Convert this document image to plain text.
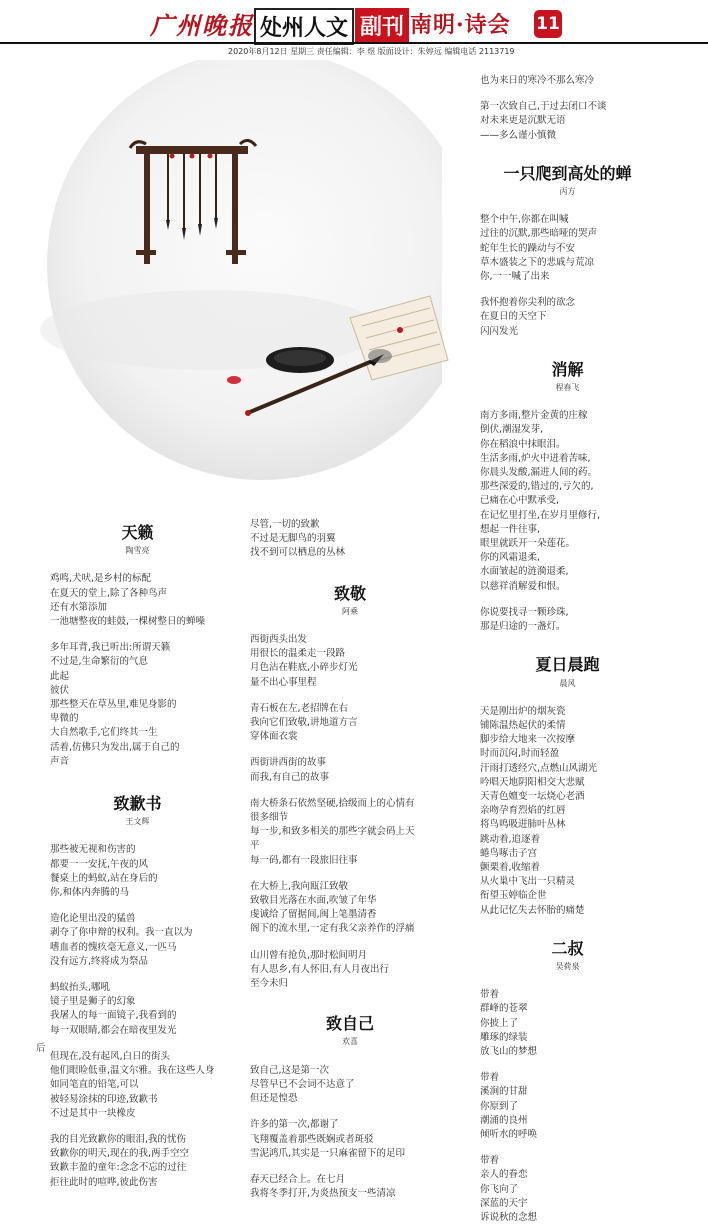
广州晚报 处州人文 副刊 南明·诗会 11
2020年8月12日 星期三 责任编辑：李 煜 版面设计：朱婷远 编辑电话 2113719
天籁
陶雪亮

鸡鸣,犬吠,是乡村的标配

在夏天的堂上,除了各种鸟声

还有水第添加

一池塘整夜的蛙鼓,一棵树整日的蝉噪

多年耳背,我已听出:所谓天籁

不过是,生命繁衍的气息

此起

彼伏

那些整天在草丛里,难见身影的

卑微的

大自然歌手,它们终其一生

活着,仿佛只为发出,属于自己的

声音

致歉书
王文辉

那些被无视和伤害的

都要一一安抚,午夜的风

餐桌上的蚂蚁,站在身后的

你,和体内奔腾的马

造化论里出没的猛兽

剥夺了你申辩的权利。我一直以为

嗜血者的愧疚毫无意义,一匹马

没有远方,终将成为祭品

蚂蚁抬头,哪吼

镜子里是狮子的幻象

我屠人的每一面镜子,我看到的

每一双眼睛,都会在暗夜里发光

但现在,没有起风,白日的街头

他们眼睑低垂,温文尔雅。我在这些人身

如同笔直的铅笔,可以

被轻易涂抹的印迹,致歉书

不过是其中一块橡皮

我的目光致歉你的眼泪,我的忧伤

致歉你的明天,现在的我,两手空空

致歉丰盈的童年:念念不忘的过往

拒往此时的喧哗,彼此伤害

后

尽管,一切的致歉

不过是无脚鸟的羽翼

找不到可以栖息的丛林

致敬
阿乘

西街西头出发

用很长的温柔走一段路

月色沾在鞋底,小碎步灯光

量不出心事里程

青石板在左,老招牌在右

我向它们致敬,讲地道方言

穿体面衣裳

西街讲西街的故事

而我,有自己的故事

南大桥条石依然坚硬,拾级而上的心情有

很多细节

每一步,和致多相关的那些字就会码上天

平

每一码,都有一段旅旧往事

在大桥上,我向瓯江致敬

致敬目光落在水面,吹皱了年华

虔诚给了留据间,闽上笔墨清香

阁下的流水里,一定有我父亲养作的浮痛

山川曾有抢负,那时松间明月

有人思乡,有人怀旧,有人月夜出行

至今未归

致自己
欢喜

致自己,这是第一次

尽管早已不会词不达意了

但还是惶恐

许多的第一次,都谢了

飞翔覆盖着那些既娴或者斑驳

雪泥鸿爪,其实是一只麻雀留下的足印

春天已经合上。在七月

我将冬季打开,为炎热预支一些清凉

也为来日的寒冷不那么寒冷

第一次致自己,于过去闭口不谈

对未来更是沉默无语

——多么谨小慎微

一只爬到高处的蝉
丙方

整个中午,你都在叫喊

过往的沉默,那些暗哑的哭声

蛇年生长的躁动与不安

草木盛装之下的悲戚与荒凉

你,一一喊了出来

我怀抱着你尖利的欲念

在夏日的天空下

闪闪发光

消解
程春飞

南方多雨,整片金黄的庄稼

倒伏,潮湿发芽,

你在稻浪中抹眼泪。

生活多雨,炉火中迸着苦味,

你晨头发酸,漏进人间的药。

那些深爱的,错过的,亏欠的,

已痛在心中默承受,

在记忆里打坐,在岁月里修行,

想起一件往事,

眼里就跃开一朵莲花。

你的风霜退柔,

水面皱起的涟漪退柔,

以慈祥消解爱和恨。

你说要找寻一颗珍珠,

那是归途的一盏灯。

夏日晨跑
晨风

天是刚出炉的烟灰瓷

铺陈温热起伏的柔情

脚步给大地来一次按摩

时而沉闷,时而轻盈

汗雨打透经穴,点燃山风湖光

吟唱天地阴阳相交大悲赋

天青色嬗变一坛烧心老酒

亲吻孕育烈焰的红唇

将鸟鸣吸进肺叶丛林

跳动着,追逐着

蜷鸟啄击子宫

颤栗着,收缩着

从火巢中飞出一只精灵

衔望玉婷临企世

从此记忆失去怀胎的痛楚

二叔
吴荷泉

带着

群峰的苍翠

你披上了

雕琢的绿装

放飞山的梦想

带着

溪涧的甘甜

你原到了

潮涌的良州

倾听水的呼唤

带着

亲人的眷恋

你飞向了

深蓝的天宇

诉说秋的念想
